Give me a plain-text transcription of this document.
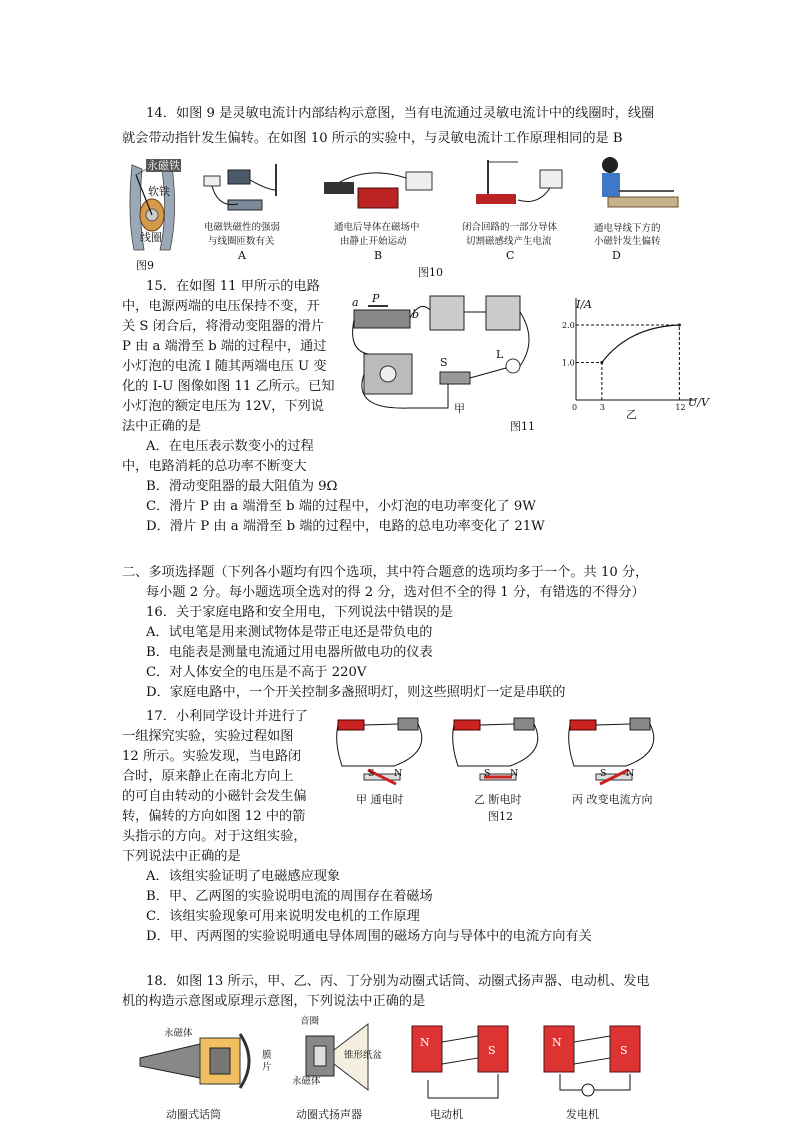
14．如图 9 是灵敏电流计内部结构示意图，当有电流通过灵敏电流计中的线圈时，线圈
就会带动指针发生偏转。在如图 10 所示的实验中，与灵敏电流计工作原理相同的是 B
永磁铁
软铁
线圈
图9
电磁铁磁性的强弱
与线圈匝数有关
A
通电后导体在磁场中
由静止开始运动
B
闭合回路的一部分导体
切割磁感线产生电流
C
通电导线下方的
小磁针发生偏转
D
图10
15．在如图 11 甲所示的电路
中，电源两端的电压保持不变，开
关 S 闭合后，将滑动变阻器的滑片
P 由 a 端滑至 b 端的过程中，通过
小灯泡的电流 I 随其两端电压 U 变
化的 I-U 图像如图 11 乙所示。已知
小灯泡的额定电压为 12V，下列说
法中正确的是
A．在电压表示数变小的过程
中，电路消耗的总功率不断变大
B．滑动变阻器的最大阻值为 9Ω
C．滑片 P 由 a 端滑至 b 端的过程中，小灯泡的电功率变化了 9W
D．滑片 P 由 a 端滑至 b 端的过程中，电路的总电功率变化了 21W
a P
b
L
S
甲
图11
0	3	12
1.0
2.0
I/A
U/V
乙
二、多项选择题（下列各小题均有四个选项，其中符合题意的选项均多于一个。共 10 分，
每小题 2 分。每小题选项全选对的得 2 分，选对但不全的得 1 分，有错选的不得分）
16．关于家庭电路和安全用电，下列说法中错误的是
A．试电笔是用来测试物体是带正电还是带负电的
B．电能表是测量电流通过用电器所做电功的仪表
C．对人体安全的电压是不高于 220V
D．家庭电路中，一个开关控制多盏照明灯，则这些照明灯一定是串联的
17．小利同学设计并进行了
一组探究实验，实验过程如图
12 所示。实验发现，当电路闭
合时，原来静止在南北方向上
的可自由转动的小磁针会发生偏
转，偏转的方向如图 12 中的箭
头指示的方向。对于这组实验，
下列说法中正确的是
A．该组实验证明了电磁感应现象
B．甲、乙两图的实验说明电流的周围存在着磁场
C．该组实验现象可用来说明发电机的工作原理
D．甲、丙两图的实验说明通电导体周围的磁场方向与导体中的电流方向有关
S N	S N	S N
甲 通电时	乙 断电时	丙 改变电流方向
图12
18．如图 13 所示，甲、乙、丙、丁分别为动圈式话筒、动圈式扬声器、电动机、发电
机的构造示意图或原理示意图，下列说法中正确的是
永磁体
膜
片
动圈式话筒
音圈
锥形纸盆
永磁体
动圈式扬声器
N
S
电动机
N
S
发电机
